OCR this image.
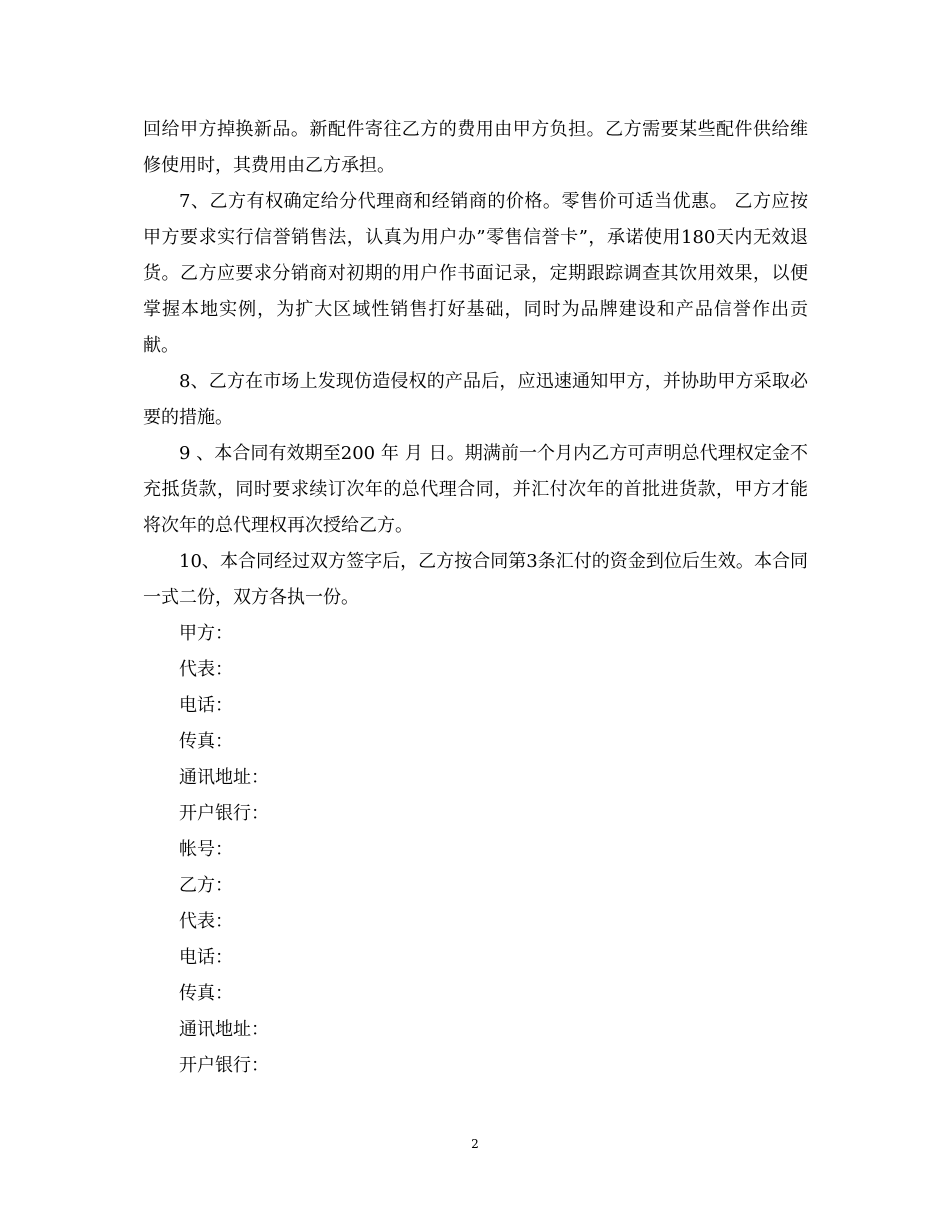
回给甲方掉换新品。新配件寄往乙方的费用由甲方负担。乙方需要某些配件供给维修使用时，其费用由乙方承担。

7、乙方有权确定给分代理商和经销商的价格。零售价可适当优惠。 乙方应按甲方要求实行信誉销售法，认真为用户办”零售信誉卡”，承诺使用180天内无效退货。乙方应要求分销商对初期的用户作书面记录，定期跟踪调查其饮用效果，以便掌握本地实例，为扩大区域性销售打好基础，同时为品牌建设和产品信誉作出贡献。

8、乙方在市场上发现仿造侵权的产品后，应迅速通知甲方，并协助甲方采取必要的措施。

9 、本合同有效期至200 年 月 日。期满前一个月内乙方可声明总代理权定金不充抵货款，同时要求续订次年的总代理合同，并汇付次年的首批进货款，甲方才能将次年的总代理权再次授给乙方。

10、本合同经过双方签字后，乙方按合同第3条汇付的资金到位后生效。本合同一式二份，双方各执一份。

甲方：

代表：

电话：

传真：

通讯地址：

开户银行：

帐号：

乙方：

代表：

电话：

传真：

通讯地址：

开户银行：

2
